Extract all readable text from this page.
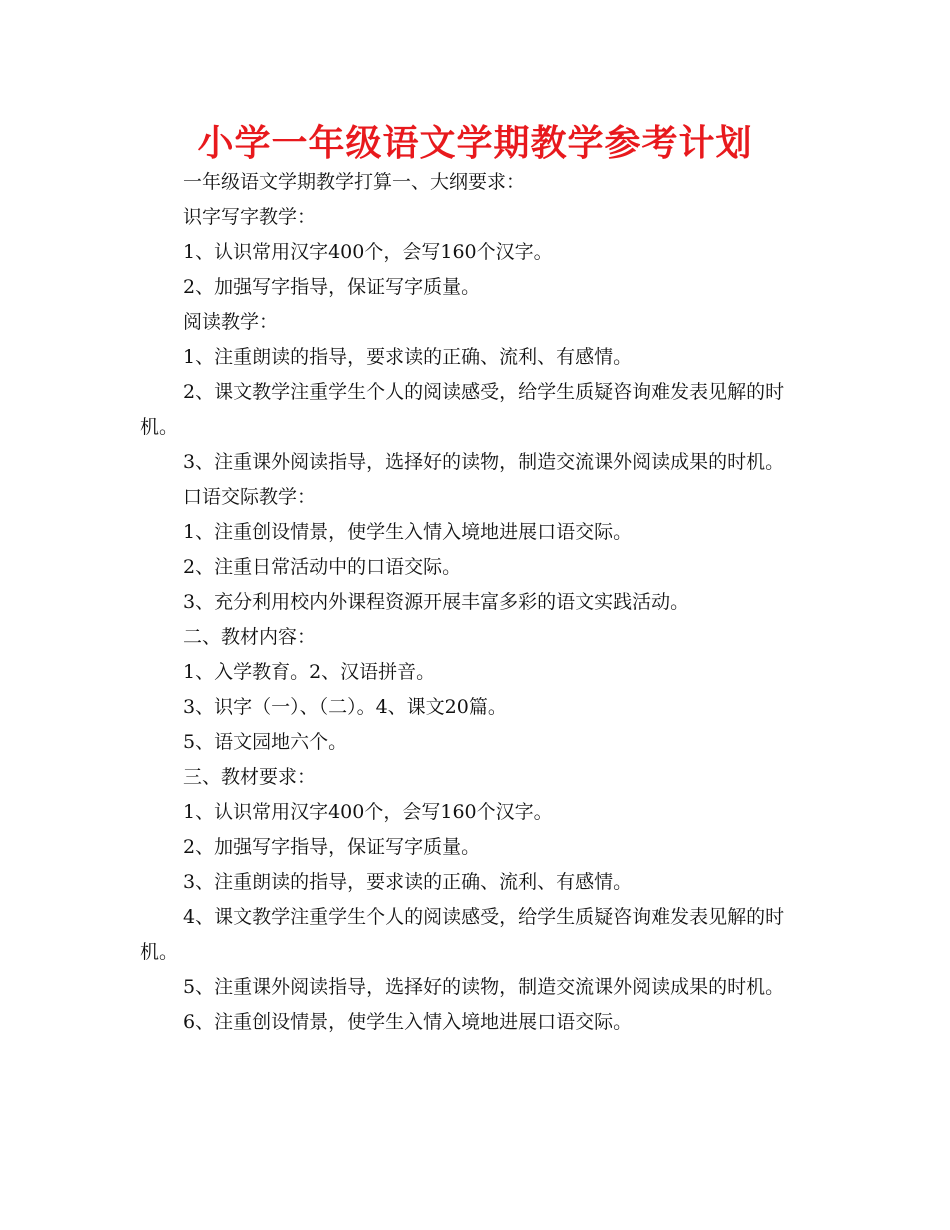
小学一年级语文学期教学参考计划

一年级语文学期教学打算一、大纲要求：

识字写字教学：

1、认识常用汉字400个，会写160个汉字。

2、加强写字指导，保证写字质量。

阅读教学：

1、注重朗读的指导，要求读的正确、流利、有感情。

2、课文教学注重学生个人的阅读感受，给学生质疑咨询难发表见解的时机。

3、注重课外阅读指导，选择好的读物，制造交流课外阅读成果的时机。

口语交际教学：

1、注重创设情景，使学生入情入境地进展口语交际。

2、注重日常活动中的口语交际。

3、充分利用校内外课程资源开展丰富多彩的语文实践活动。

二、教材内容：

1、入学教育。2、汉语拼音。

3、识字（一）、（二）。4、课文20篇。

5、语文园地六个。

三、教材要求：

1、认识常用汉字400个，会写160个汉字。

2、加强写字指导，保证写字质量。

3、注重朗读的指导，要求读的正确、流利、有感情。

4、课文教学注重学生个人的阅读感受，给学生质疑咨询难发表见解的时机。

5、注重课外阅读指导，选择好的读物，制造交流课外阅读成果的时机。

6、注重创设情景，使学生入情入境地进展口语交际。
